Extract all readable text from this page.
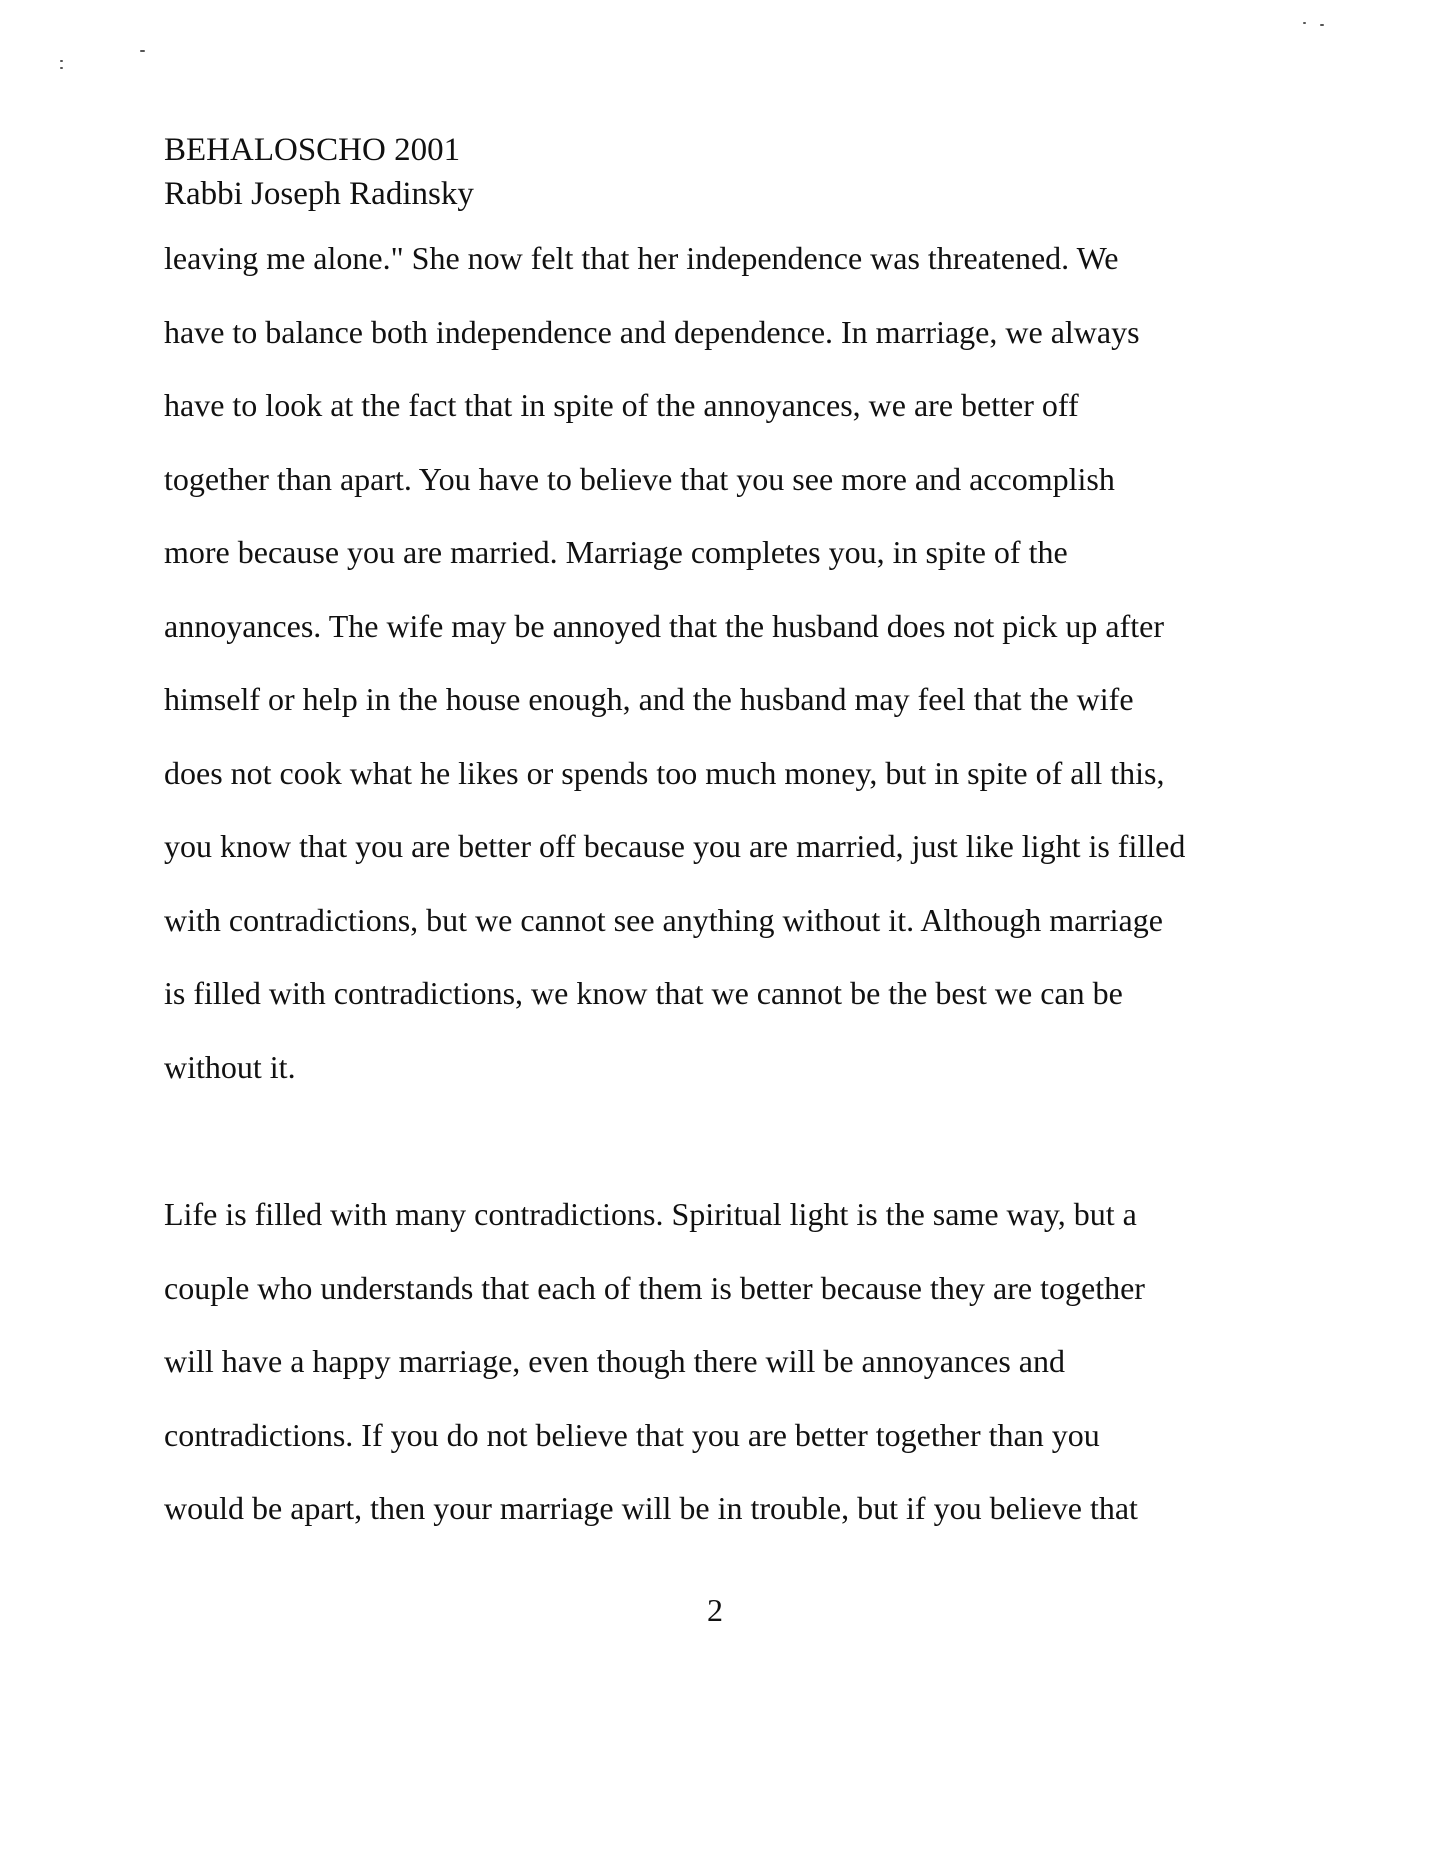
BEHALOSCHO 2001
Rabbi Joseph Radinsky
leaving me alone." She now felt that her independence was threatened. We
have to balance both independence and dependence. In marriage, we always
have to look at the fact that in spite of the annoyances, we are better off
together than apart. You have to believe that you see more and accomplish
more because you are married. Marriage completes you, in spite of the
annoyances. The wife may be annoyed that the husband does not pick up after
himself or help in the house enough, and the husband may feel that the wife
does not cook what he likes or spends too much money, but in spite of all this,
you know that you are better off because you are married, just like light is filled
with contradictions, but we cannot see anything without it. Although marriage
is filled with contradictions, we know that we cannot be the best we can be
without it.
Life is filled with many contradictions. Spiritual light is the same way, but a
couple who understands that each of them is better because they are together
will have a happy marriage, even though there will be annoyances and
contradictions. If you do not believe that you are better together than you
would be apart, then your marriage will be in trouble, but if you believe that
2
